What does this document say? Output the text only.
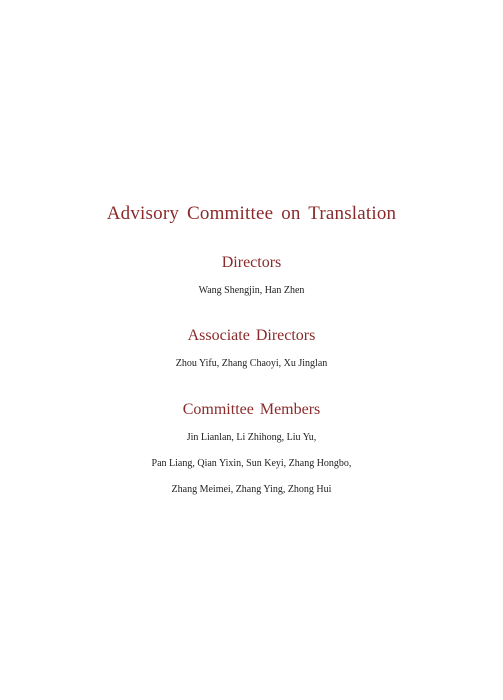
Advisory Committee on Translation
Directors
Wang Shengjin, Han Zhen
Associate Directors
Zhou Yifu, Zhang Chaoyi, Xu Jinglan
Committee Members
Jin Lianlan, Li Zhihong, Liu Yu,
Pan Liang, Qian Yixin, Sun Keyi, Zhang Hongbo,
Zhang Meimei, Zhang Ying, Zhong Hui
